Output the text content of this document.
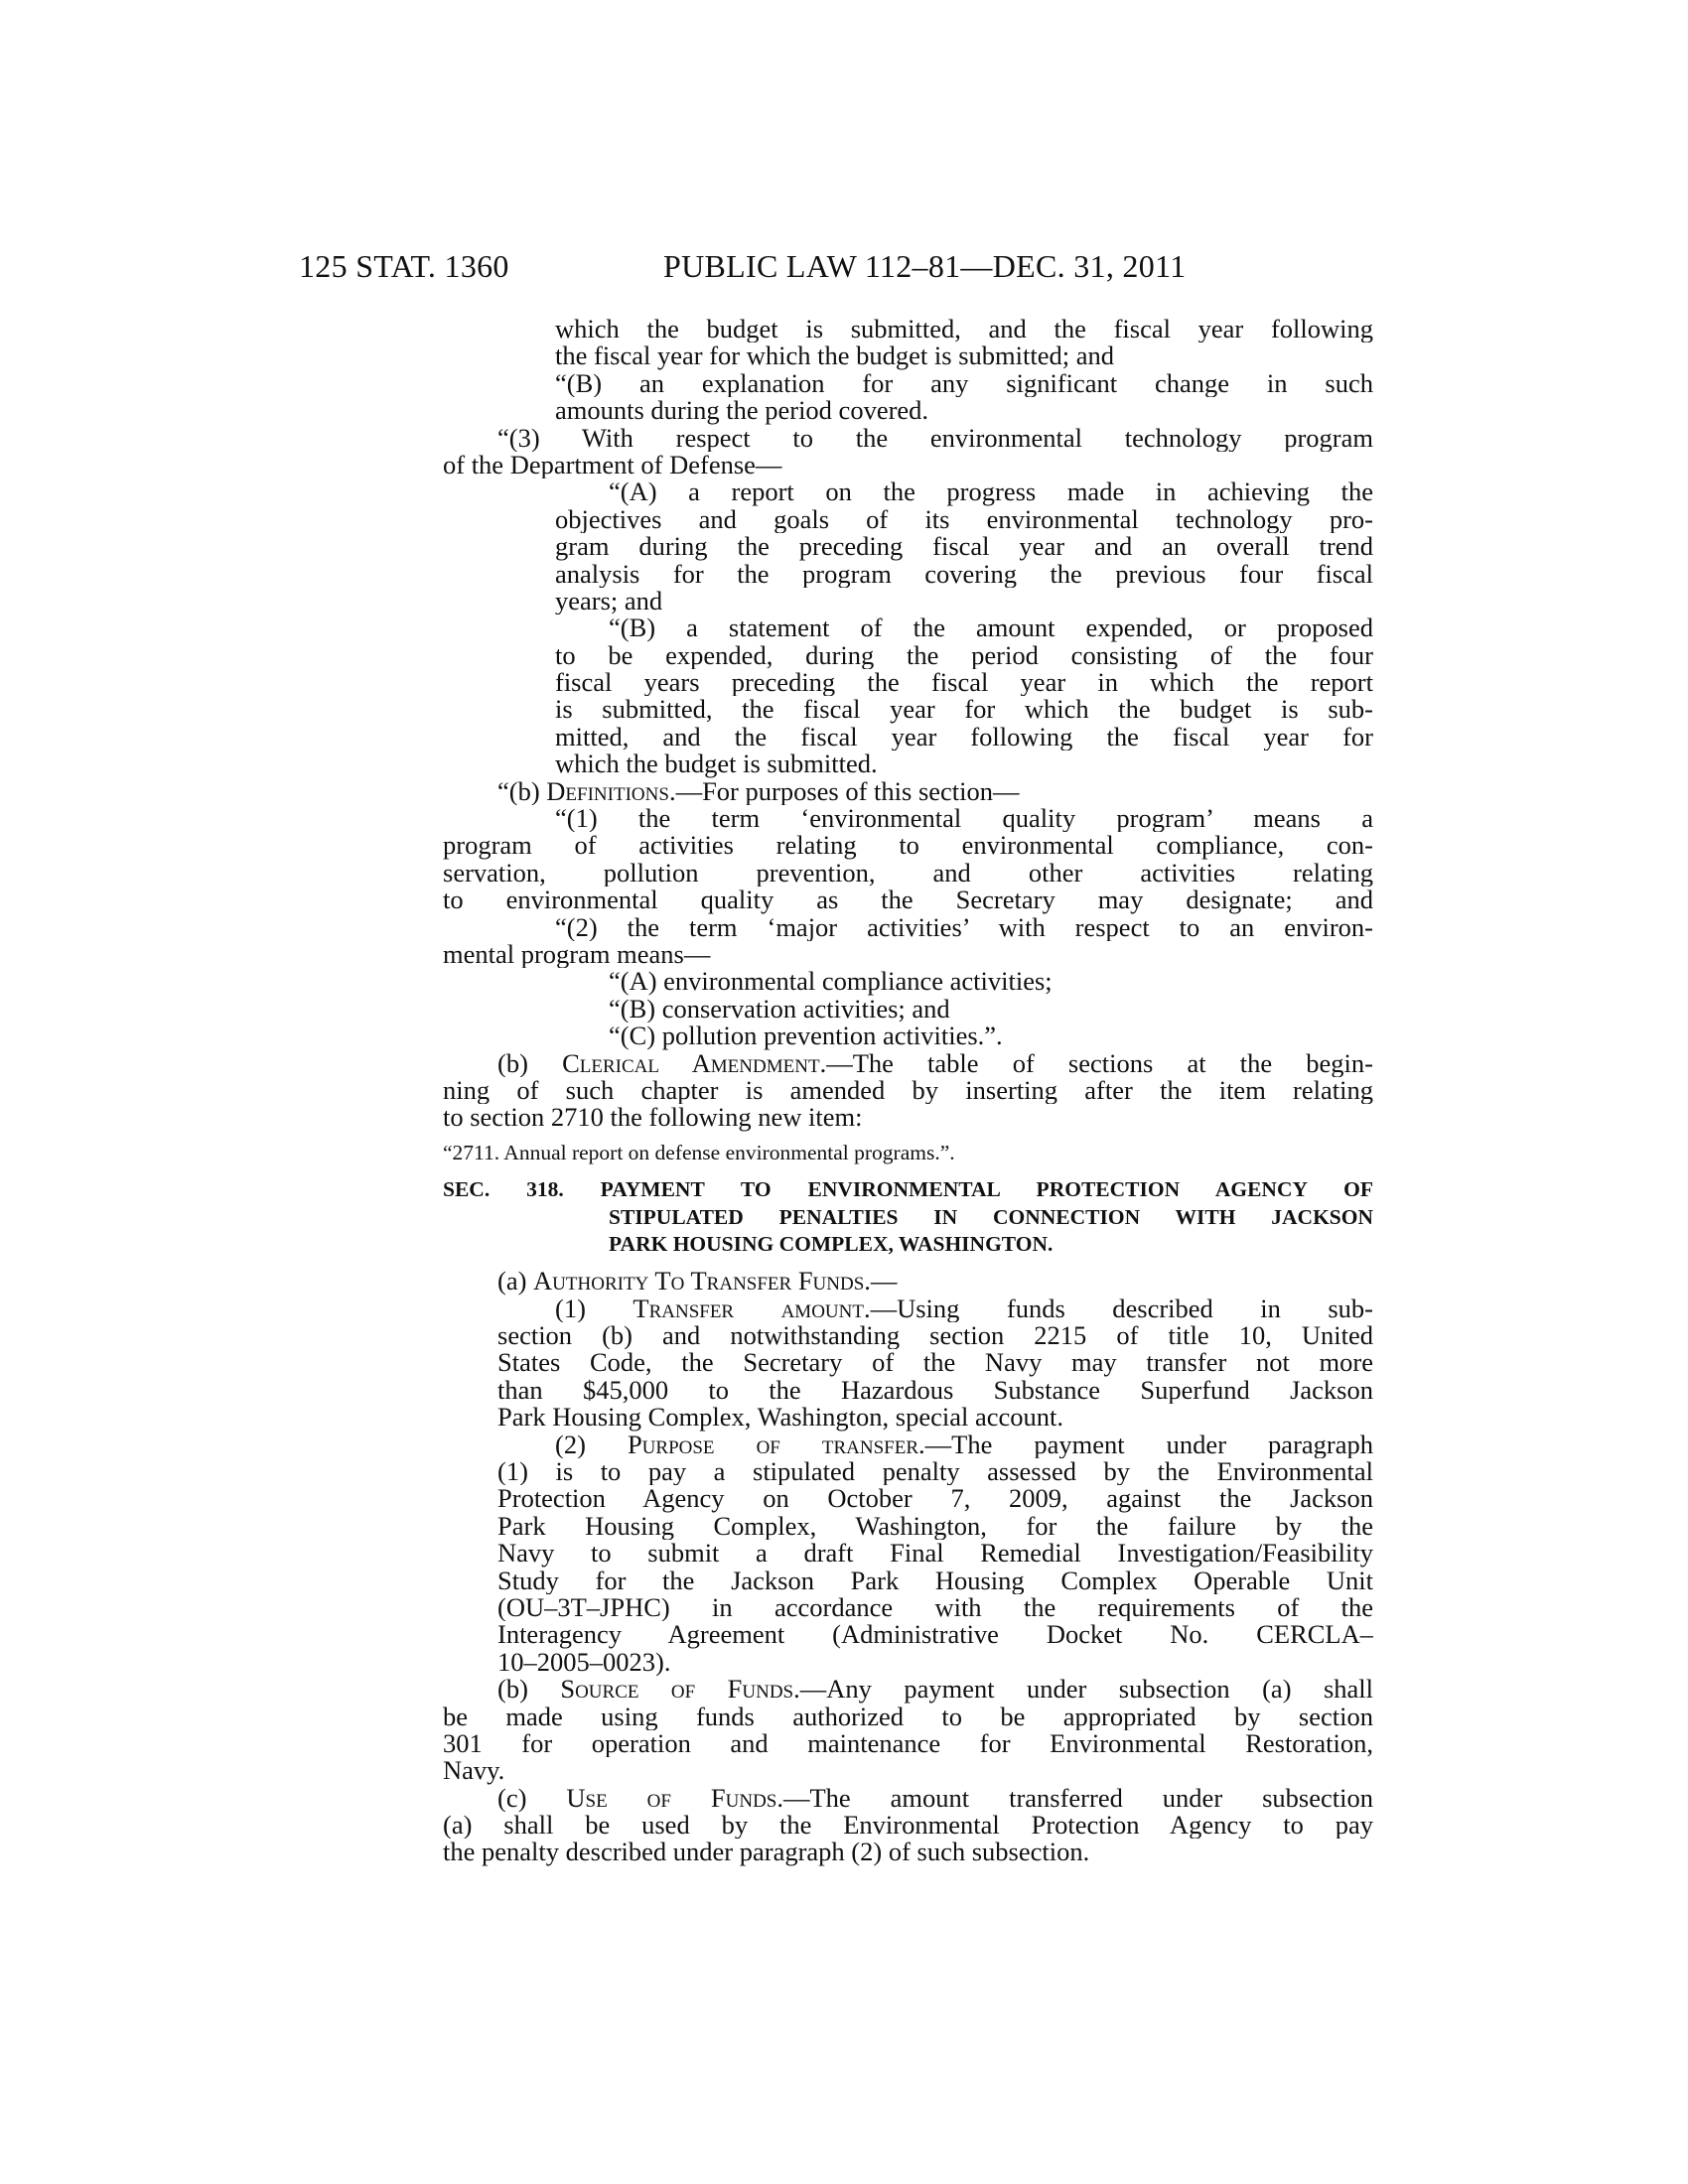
125 STAT. 1360	PUBLIC LAW 112–81—DEC. 31, 2011
which the budget is submitted, and the fiscal year following
the fiscal year for which the budget is submitted; and
“(B) an explanation for any significant change in such
amounts during the period covered.
“(3) With respect to the environmental technology program
of the Department of Defense—
“(A) a report on the progress made in achieving the
objectives and goals of its environmental technology pro-
gram during the preceding fiscal year and an overall trend
analysis for the program covering the previous four fiscal
years; and
“(B) a statement of the amount expended, or proposed
to be expended, during the period consisting of the four
fiscal years preceding the fiscal year in which the report
is submitted, the fiscal year for which the budget is sub-
mitted, and the fiscal year following the fiscal year for
which the budget is submitted.
“(b) Definitions.—For purposes of this section—
“(1) the term ‘environmental quality program’ means a
program of activities relating to environmental compliance, con-
servation, pollution prevention, and other activities relating
to environmental quality as the Secretary may designate; and
“(2) the term ‘major activities’ with respect to an environ-
mental program means—
“(A) environmental compliance activities;
“(B) conservation activities; and
“(C) pollution prevention activities.”.
(b) Clerical Amendment.—The table of sections at the begin-
ning of such chapter is amended by inserting after the item relating
to section 2710 the following new item:
“2711. Annual report on defense environmental programs.”.
SEC. 318. PAYMENT TO ENVIRONMENTAL PROTECTION AGENCY OF
STIPULATED PENALTIES IN CONNECTION WITH JACKSON
PARK HOUSING COMPLEX, WASHINGTON.
(a) Authority To Transfer Funds.—
(1) Transfer amount.—Using funds described in sub-
section (b) and notwithstanding section 2215 of title 10, United
States Code, the Secretary of the Navy may transfer not more
than $45,000 to the Hazardous Substance Superfund Jackson
Park Housing Complex, Washington, special account.
(2) Purpose of transfer.—The payment under paragraph
(1) is to pay a stipulated penalty assessed by the Environmental
Protection Agency on October 7, 2009, against the Jackson
Park Housing Complex, Washington, for the failure by the
Navy to submit a draft Final Remedial Investigation/Feasibility
Study for the Jackson Park Housing Complex Operable Unit
(OU–3T–JPHC) in accordance with the requirements of the
Interagency Agreement (Administrative Docket No. CERCLA–
10–2005–0023).
(b) Source of Funds.—Any payment under subsection (a) shall
be made using funds authorized to be appropriated by section
301 for operation and maintenance for Environmental Restoration,
Navy.
(c) Use of Funds.—The amount transferred under subsection
(a) shall be used by the Environmental Protection Agency to pay
the penalty described under paragraph (2) of such subsection.
